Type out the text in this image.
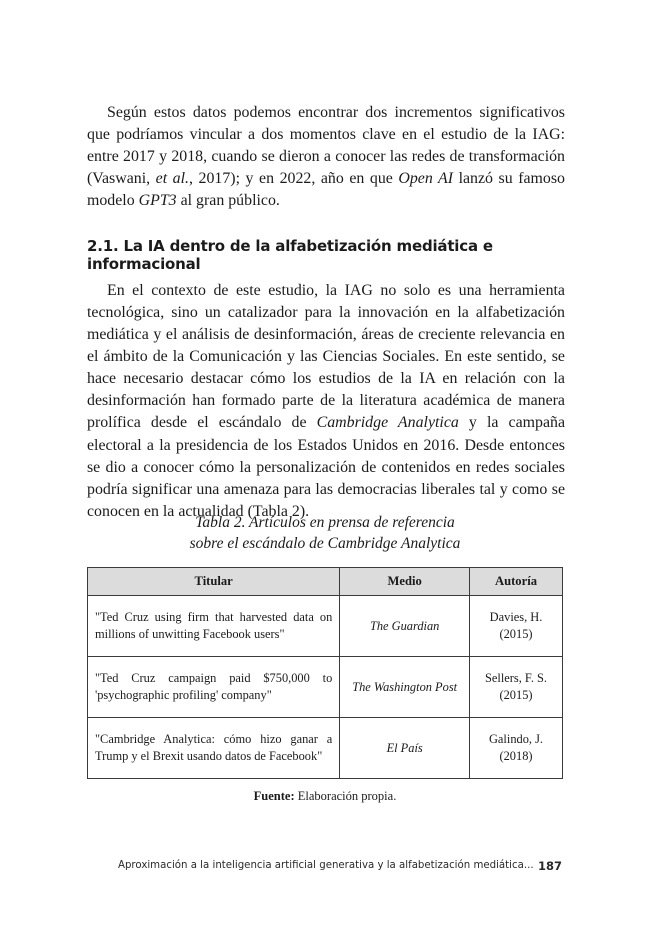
Según estos datos podemos encontrar dos incrementos significativos que podríamos vincular a dos momentos clave en el estudio de la IAG: entre 2017 y 2018, cuando se dieron a conocer las redes de transformación (Vaswani, et al., 2017); y en 2022, año en que Open AI lanzó su famoso modelo GPT3 al gran público.

2.1. La IA dentro de la alfabetización mediática e informacional

En el contexto de este estudio, la IAG no solo es una herramienta tecnológica, sino un catalizador para la innovación en la alfabetización mediática y el análisis de desinformación, áreas de creciente relevancia en el ámbito de la Comunicación y las Ciencias Sociales. En este sentido, se hace necesario destacar cómo los estudios de la IA en relación con la desinformación han formado parte de la literatura académica de manera prolífica desde el escándalo de Cambridge Analytica y la campaña electoral a la presidencia de los Estados Unidos en 2016. Desde entonces se dio a conocer cómo la personalización de contenidos en redes sociales podría significar una amenaza para las democracias liberales tal y como se conocen en la actualidad (Tabla 2).

Tabla 2. Artículos en prensa de referencia
sobre el escándalo de Cambridge Analytica
Titular	Medio	Autoría
"Ted Cruz using firm that harvested data on millions of unwitting Facebook users"	The Guardian	Davies, H.
(2015)

"Ted Cruz campaign paid $750,000 to 'psychographic profiling' company"	The Washington Post	Sellers, F. S.
(2015)

"Cambridge Analytica: cómo hizo ganar a Trump y el Brexit usando datos de Facebook"	El País	Galindo, J.
(2018)
Fuente: Elaboración propia.
Aproximación a la inteligencia artificial generativa y la alfabetización mediática... 187
